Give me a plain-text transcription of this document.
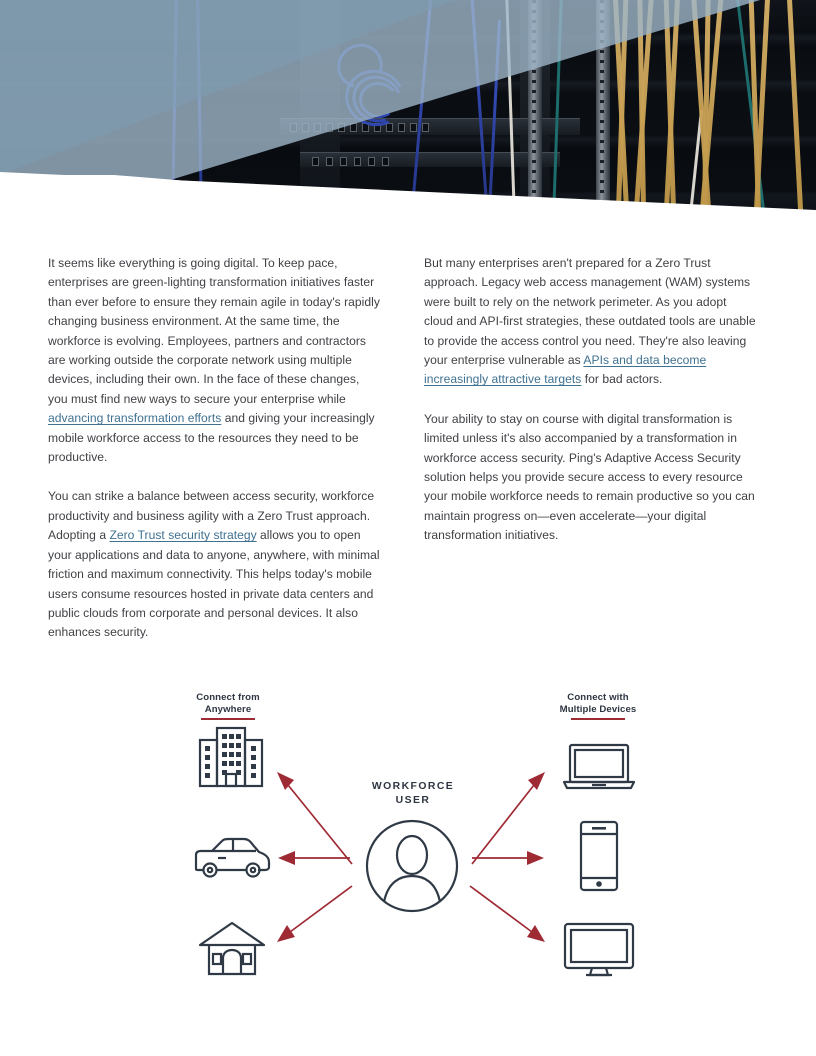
It seems like everything is going digital. To keep pace, enterprises are green-lighting transformation initiatives faster than ever before to ensure they remain agile in today's rapidly changing business environment. At the same time, the workforce is evolving. Employees, partners and contractors are working outside the corporate network using multiple devices, including their own. In the face of these changes, you must find new ways to secure your enterprise while advancing transformation efforts and giving your increasingly mobile workforce access to the resources they need to be productive.

You can strike a balance between access security, workforce productivity and business agility with a Zero Trust approach. Adopting a Zero Trust security strategy allows you to open your applications and data to anyone, anywhere, with minimal friction and maximum connectivity. This helps today's mobile users consume resources hosted in private data centers and public clouds from corporate and personal devices. It also enhances security.

But many enterprises aren't prepared for a Zero Trust approach. Legacy web access management (WAM) systems were built to rely on the network perimeter. As you adopt cloud and API-first strategies, these outdated tools are unable to provide the access control you need. They're also leaving your enterprise vulnerable as APIs and data become increasingly attractive targets for bad actors.

Your ability to stay on course with digital transformation is limited unless it's also accompanied by a transformation in workforce access security. Ping's Adaptive Access Security solution helps you provide secure access to every resource your mobile workforce needs to remain productive so you can maintain progress on—even accelerate—your digital transformation initiatives.

Connect from
Anywhere
Connect with
Multiple Devices
WORKFORCE
USER
